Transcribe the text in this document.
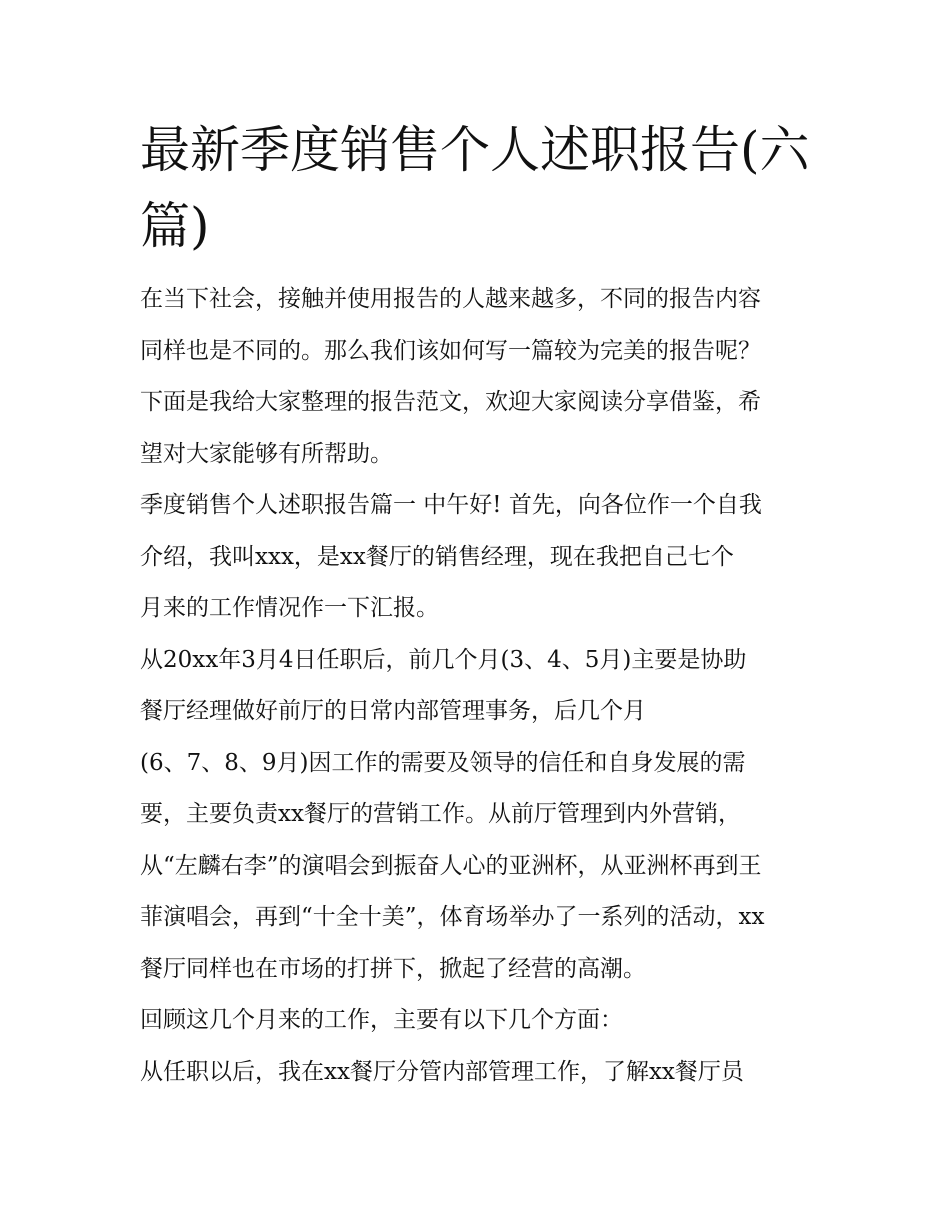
最新季度销售个人述职报告(六
篇)
在当下社会，接触并使用报告的人越来越多，不同的报告内容
同样也是不同的。那么我们该如何写一篇较为完美的报告呢？
下面是我给大家整理的报告范文，欢迎大家阅读分享借鉴，希
望对大家能够有所帮助。
季度销售个人述职报告篇一 中午好! 首先，向各位作一个自我
介绍，我叫xxx，是xx餐厅的销售经理，现在我把自己七个
月来的工作情况作一下汇报。
从20xx年3月4日任职后，前几个月(3、4、5月)主要是协助
餐厅经理做好前厅的日常内部管理事务，后几个月
(6、7、8、9月)因工作的需要及领导的信任和自身发展的需
要，主要负责xx餐厅的营销工作。从前厅管理到内外营销，
从“左麟右李”的演唱会到振奋人心的亚洲杯，从亚洲杯再到王
菲演唱会，再到“十全十美”，体育场举办了一系列的活动，xx
餐厅同样也在市场的打拼下，掀起了经营的高潮。
回顾这几个月来的工作，主要有以下几个方面：
从任职以后，我在xx餐厅分管内部管理工作，了解xx餐厅员
